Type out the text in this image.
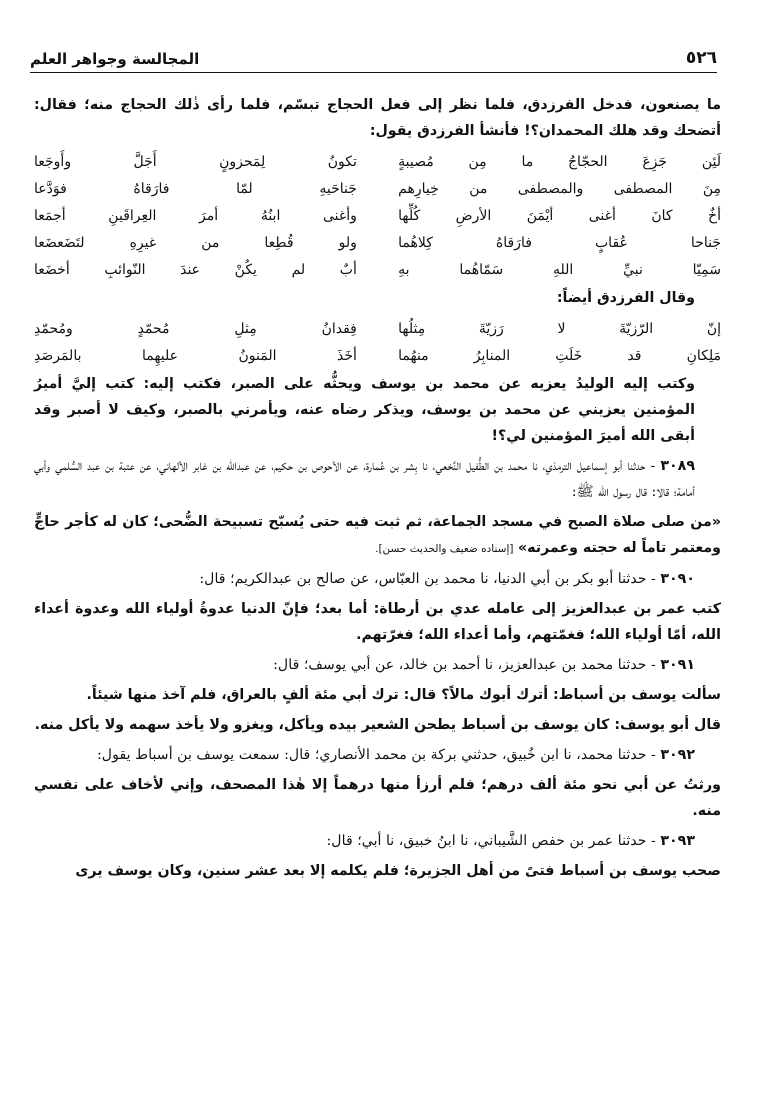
٥٢٦
المجالسة وجواهر العلم

ما يصنعون، فدخل الفرزدق، فلما نظر إلى فعل الحجاج تبسّم، فلما رأى ذٰلك الحجاج منه؛ فقال: أتضحك وقد هلك المحمدان؟! فأنشأ الفرزدق يقول:

لَئِن جَزِعَ الحجّاجُ ما مِن مُصيبةٍ
تكونُ لِمَحزونٍ أَجَلَّ وأَوجَعا
مِنَ المصطفى والمصطفى من خِيارِهم
جَناحَيهِ لمّا فارَقاهُ فوَدَّعا
أخٌ كانَ أغنى أيْمَنَ الأرضِ كُلِّها
وأغنى ابنُهُ أمرَ العِراقَينِ أجمَعا
جَناحا عُقابٍ فارَقاهُ كِلاهُما
ولو قُطِعا من غيرِهِ لتَضَعضَعا
سَمِيّا نبيِّ اللهِ سَمّاهُما بهِ
أبٌ لم يكُنْ عندَ النّوائبِ أخضَعا

وقال الفرزدق أيضاً:

إنّ الرّزيّةَ لا رَزيّةَ مِثلُها
فِقدانُ مِثلِ مُحمّدٍ ومُحمّدِ
مَلِكانِ قد خَلَتِ المنابِرُ منهُما
أخَذَ المَنونُ عليهِما بالمَرصَدِ

وكتب إليه الوليدُ يعزيه عن محمد بن يوسف ويحثُّه على الصبر، فكتب إليه: كتب إليَّ أميرُ المؤمنين يعزيني عن محمد بن يوسف، ويذكر رضاه عنه، ويأمرني بالصبر، وكيف لا أصبر وقد أبقى الله أميرَ المؤمنين لي؟!

٣٠٨٩ - حدثنا أبو إسماعيل الترمذي، نا محمد بن الطُّفيل النَّخعي، نا بِشر بن عُمارة، عن الأحوص بن حكيم، عن عبدالله بن غابر الألهاني، عن عتبة بن عبد السُّلمي وأبي أمامة؛ قالا: قال رسول الله ﷺ:

«من صلى صلاة الصبح في مسجد الجماعة، ثم ثبت فيه حتى يُسبّح تسبيحة الضُّحى؛ كان له كأجر حاجٍّ ومعتمر تاماً له حجته وعمرته» [إسناده ضعيف والحديث حسن].

٣٠٩٠ - حدثنا أبو بكر بن أبي الدنيا، نا محمد بن العبّاس، عن صالح بن عبدالكريم؛ قال:

كتب عمر بن عبدالعزيز إلى عامله عدي بن أرطاة: أما بعد؛ فإنّ الدنيا عدوةُ أولياء الله وعدوة أعداء الله، أمّا أولياء الله؛ فغمّتهم، وأما أعداء الله؛ فغرّتهم.

٣٠٩١ - حدثنا محمد بن عبدالعزيز، نا أحمد بن خالد، عن أبي يوسف؛ قال:

سألت يوسف بن أسباط: أترك أبوك مالاً؟ قال: ترك أبي مئة ألفٍ بالعراق، فلم آخذ منها شيئاً.

قال أبو يوسف: كان يوسف بن أسباط يطحن الشعير بيده ويأكل، ويغزو ولا يأخذ سهمه ولا يأكل منه.

٣٠٩٢ - حدثنا محمد، نا ابن خُبيق، حدثني بركة بن محمد الأنصاري؛ قال: سمعت يوسف بن أسباط يقول:

ورثتُ عن أبي نحو مئة ألف درهم؛ فلم أرزأ منها درهماً إلا هٰذا المصحف، وإني لأخاف على نفسي منه.

٣٠٩٣ - حدثنا عمر بن حفص الشَّيباني، نا ابنُ خبيق، نا أبي؛ قال:

صحب يوسف بن أسباط فتىً من أهل الجزيرة؛ فلم يكلمه إلا بعد عشر سنين، وكان يوسف يرى
